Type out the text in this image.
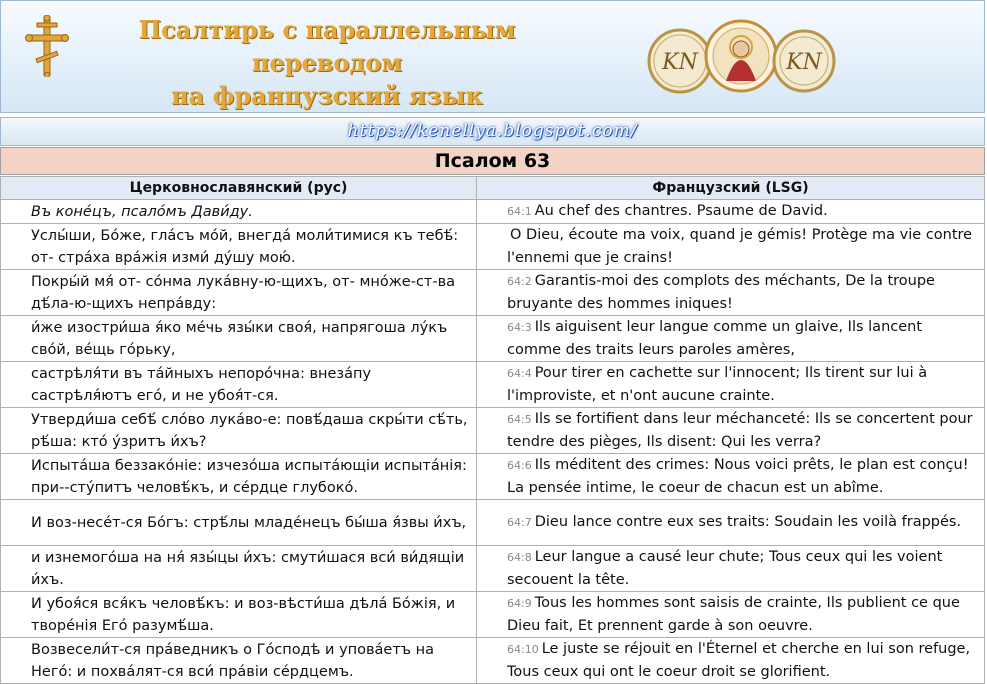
Псалтирь с параллельным переводом
на французский язык
KN	KN
https://kenellya.blogspot.com/
Псалом 63
Церковнославянский (рус)	Французский (LSG)
Въ коне́цъ, псало́мъ Дави́ду.	64:1 Au chef des chantres. Psaume de David.
Услы́ши, Бо́же, гла́съ мо́й, внегда́ моли́тимися къ тебѣ́: от- стра́ха вра́жія изми́ ду́шу мою́.	O Dieu, écoute ma voix, quand je gémis! Protège ma vie contre l'ennemi que je crains!
Покры́й мя́ от- со́нма лука́вну-ю-щихъ, от- мно́же-ст-ва дѣ́ла-ю-щихъ непра́вду:	64:2 Garantis-moi des complots des méchants, De la troupe bruyante des hommes iniques!
и́же изостри́ша я́ко ме́чь язы́ки своя́, напрягоша лу́къ сво́й, ве́щь го́рьку,	64:3 Ils aiguisent leur langue comme un glaive, Ils lancent comme des traits leurs paroles amères,
састрѣля́ти въ та́йныхъ непоро́чна: внеза́пу састрѣля́ютъ его́, и не убоя́т-ся.	64:4 Pour tirer en cachette sur l'innocent; Ils tirent sur lui à l'improviste, et n'ont aucune crainte.
Утверди́ша себѣ́ сло́во лука́во-е: повѣ́даша скры́ти сѣ́ть, рѣ́ша: кто́ у́зритъ и́хъ?	64:5 Ils se fortifient dans leur méchanceté: Ils se concertent pour tendre des pièges, Ils disent: Qui les verra?
Испыта́ша беззако́ніе: изчезо́ша испыта́ющіи испыта́нія: при--сту́питъ человѣ́къ, и се́рдце глубоко́.	64:6 Ils méditent des crimes: Nous voici prêts, le plan est conçu! La pensée intime, le coeur de chacun est un abîme.
И воз-несе́т-ся Бо́гъ: стрѣ́лы младе́нецъ бы́ша я́звы и́хъ,	64:7 Dieu lance contre eux ses traits: Soudain les voilà frappés.
и изнемого́ша на ня́ язы́цы и́хъ: смути́шася вси́ ви́дящіи и́хъ.	64:8 Leur langue a causé leur chute; Tous ceux qui les voient secouent la tête.
И убоя́ся вся́къ человѣ́къ: и воз-вѣсти́ша дѣла́ Бо́жія, и творе́нія Его́ разумѣ́ша.	64:9 Tous les hommes sont saisis de crainte, Ils publient ce que Dieu fait, Et prennent garde à son oeuvre.
Возвесели́т-ся пра́ведникъ о Го́сподѣ и упова́етъ на Него́: и похва́лят-ся вси́ пра́віи се́рдцемъ.	64:10 Le juste se réjouit en l'Éternel et cherche en lui son refuge, Tous ceux qui ont le coeur droit se glorifient.
